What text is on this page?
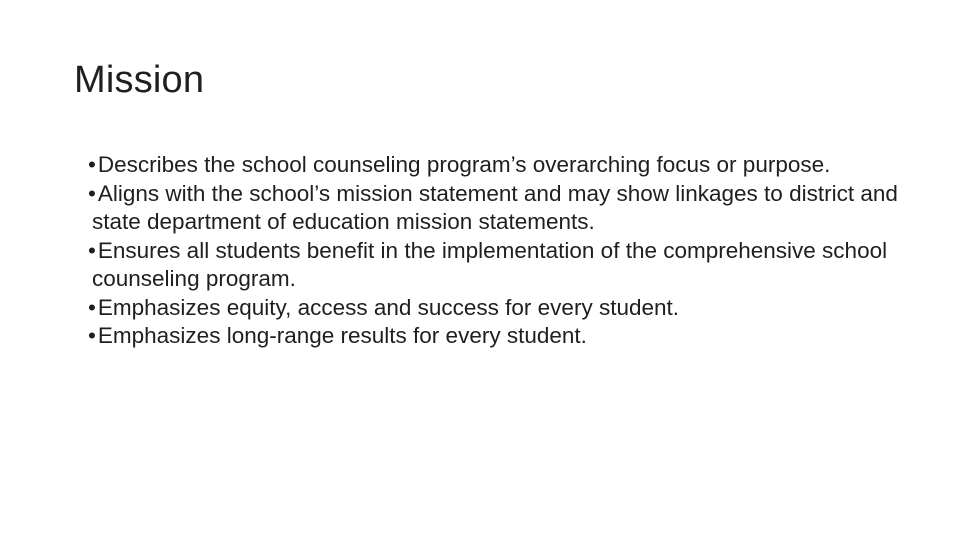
Mission
•Describes the school counseling program’s overarching focus or purpose.
•Aligns with the school’s mission statement and may show linkages to district and state department of education mission statements.
•Ensures all students benefit in the implementation of the comprehensive school counseling program.
•Emphasizes equity, access and success for every student.
•Emphasizes long-range results for every student.
